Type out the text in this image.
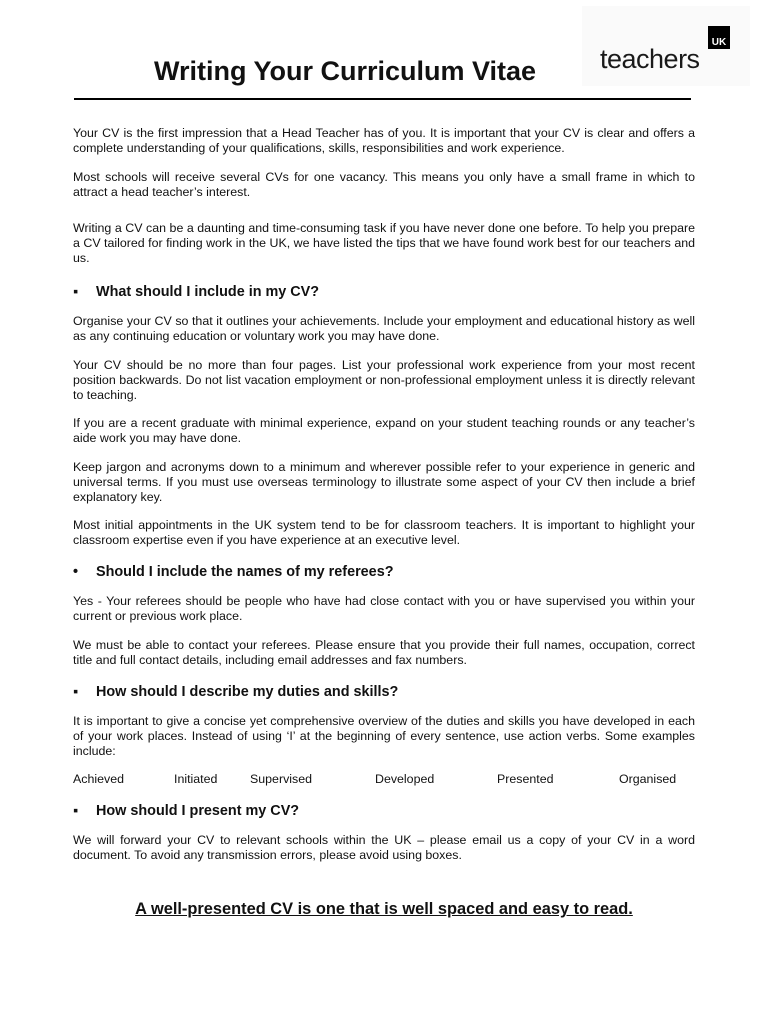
teachers
UK
Writing Your Curriculum Vitae

Your CV is the first impression that a Head Teacher has of you. It is important that your CV is clear and offers a complete understanding of your qualifications, skills, responsibilities and work experience.

Most schools will receive several CVs for one vacancy. This means you only have a small frame in which to attract a head teacher’s interest.

Writing a CV can be a daunting and time-consuming task if you have never done one before. To help you prepare a CV tailored for finding work in the UK, we have listed the tips that we have found work best for our teachers and us.

▪ What should I include in my CV?

Organise your CV so that it outlines your achievements. Include your employment and educational history as well as any continuing education or voluntary work you may have done.

Your CV should be no more than four pages. List your professional work experience from your most recent position backwards. Do not list vacation employment or non-professional employment unless it is directly relevant to teaching.

If you are a recent graduate with minimal experience, expand on your student teaching rounds or any teacher’s aide work you may have done.

Keep jargon and acronyms down to a minimum and wherever possible refer to your experience in generic and universal terms. If you must use overseas terminology to illustrate some aspect of your CV then include a brief explanatory key.

Most initial appointments in the UK system tend to be for classroom teachers. It is important to highlight your classroom expertise even if you have experience at an executive level.

• Should I include the names of my referees?

Yes - Your referees should be people who have had close contact with you or have supervised you within your current or previous work place.

We must be able to contact your referees. Please ensure that you provide their full names, occupation, correct title and full contact details, including email addresses and fax numbers.

▪ How should I describe my duties and skills?

It is important to give a concise yet comprehensive overview of the duties and skills you have developed in each of your work places. Instead of using ‘I’ at the beginning of every sentence, use action verbs. Some examples include:

Achieved	Initiated	Supervised	Developed	Presented	Organised
▪ How should I present my CV?

We will forward your CV to relevant schools within the UK – please email us a copy of your CV in a word document. To avoid any transmission errors, please avoid using boxes.

A well-presented CV is one that is well spaced and easy to read.
